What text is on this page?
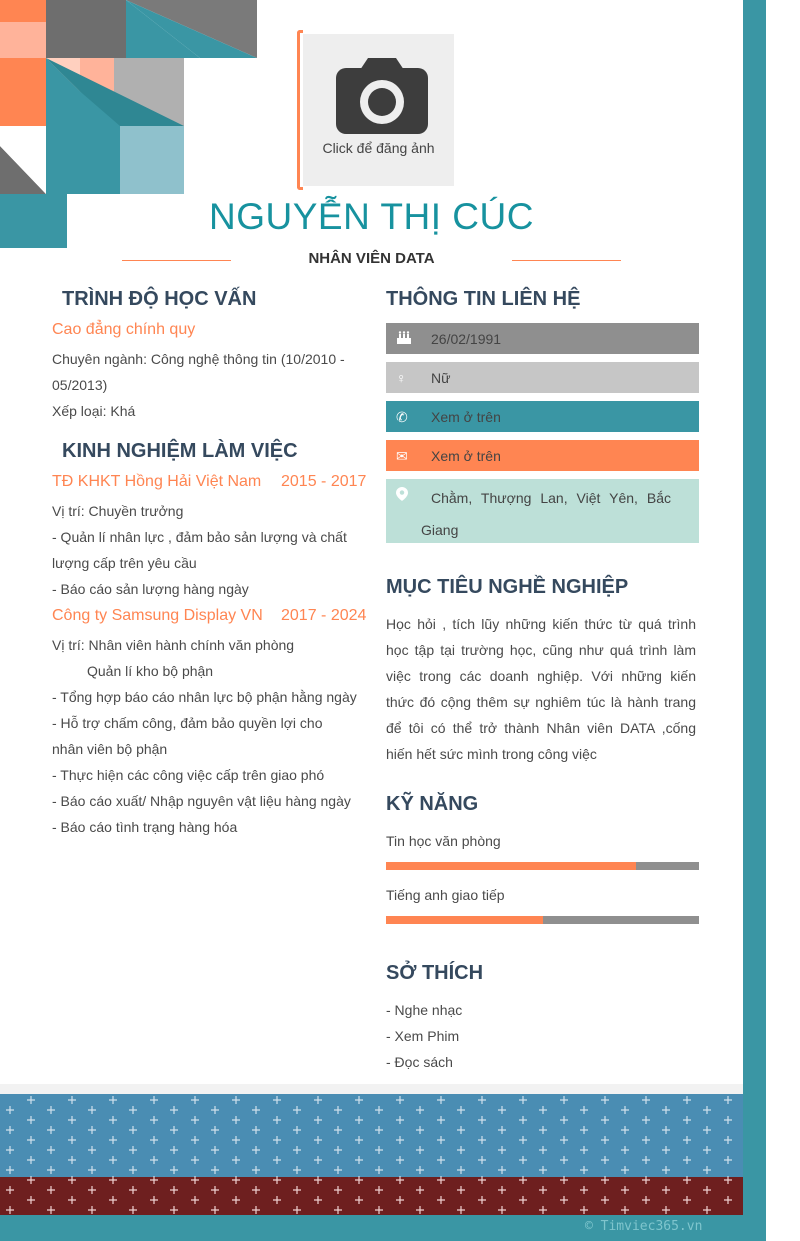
Click để đăng ảnh
NGUYỄN THỊ CÚC
NHÂN VIÊN DATA
TRÌNH ĐỘ HỌC VẤN
Cao đẳng chính quy
Chuyên ngành: Công nghệ thông tin (10/2010 - 05/2013)
Xếp loại: Khá
KINH NGHIỆM LÀM VIỆC
TĐ KHKT Hồng Hải Việt Nam 2015 - 2017
Vị trí: Chuyền trưởng
- Quản lí nhân lực , đảm bảo sản lượng và chất lượng cấp trên yêu cầu
- Báo cáo sản lượng hàng ngày
Công ty Samsung Display VN 2017 - 2024
Vị trí: Nhân viên hành chính văn phòng
Quản lí kho bộ phận
- Tổng hợp báo cáo nhân lực bộ phận hằng ngày
- Hỗ trợ chấm công, đảm bảo quyền lợi cho nhân viên bộ phận
- Thực hiện các công việc cấp trên giao phó
- Báo cáo xuất/ Nhập nguyên vật liệu hàng ngày
- Báo cáo tình trạng hàng hóa
THÔNG TIN LIÊN HỆ
26/02/1991
♀ Nữ
✆ Xem ở trên
✉ Xem ở trên
Chằm, Thượng Lan, Việt Yên, Bắc Giang
MỤC TIÊU NGHỀ NGHIỆP
Học hỏi , tích lũy những kiến thức từ quá trình học tập tại trường học, cũng như quá trình làm việc trong các doanh nghiệp. Với những kiến thức đó cộng thêm sự nghiêm túc là hành trang để tôi có thể trở thành Nhân viên DATA ,cống hiến hết sức mình trong công việc
KỸ NĂNG
Tin học văn phòng
Tiếng anh giao tiếp
SỞ THÍCH
- Nghe nhạc
- Xem Phim
- Đọc sách
© Timviec365.vn
